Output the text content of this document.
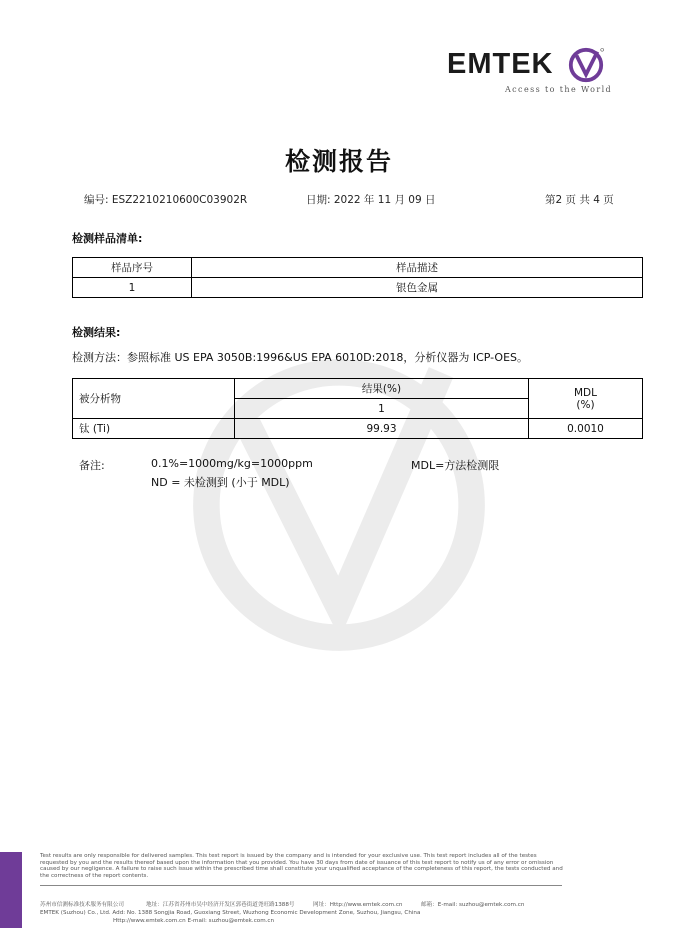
EMTEK
Access to the World
检测报告
编号: ESZ2210210600C03902R	日期: 2022 年 11 月 09 日	第2 页 共 4 页
检测样品清单:
样品序号	样品描述
1	银色金属
检测结果:
检测方法：参照标准 US EPA 3050B:1996&US EPA 6010D:2018，分析仪器为 ICP-OES。
被分析物	结果(%)	MDL
(%)

	1	
钛 (Ti)	99.93	0.0010
备注:	0.1%=1000mg/kg=1000ppm
ND = 未检测到 (小于 MDL)
MDL=方法检测限
Test results are only responsible for delivered samples. This test report is issued by the company and is intended for your exclusive use. This test report includes all of the testes requested by you and the results thereof based upon the information that you provided. You have 30 days from date of issuance of this test report to notify us of any error or omission caused by our negligence. A failure to raise such issue within the prescribed time shall constitute your unqualified acceptance of the completeness of this report, the tests conducted and the correctness of the report contents.
苏州市信测标准技术服务有限公司	地址：江苏省苏州市吴中经济开发区郭巷街道尧旺路1388号	网址：Http://www.emtek.com.cn	邮箱：E-mail: suzhou@emtek.com.cn
EMTEK (Suzhou) Co., Ltd. Add: No. 1388 Songjia Road, Guoxiang Street, Wuzhong Economic Development Zone, Suzhou, Jiangsu, China
Http://www.emtek.com.cn E-mail: suzhou@emtek.com.cn
